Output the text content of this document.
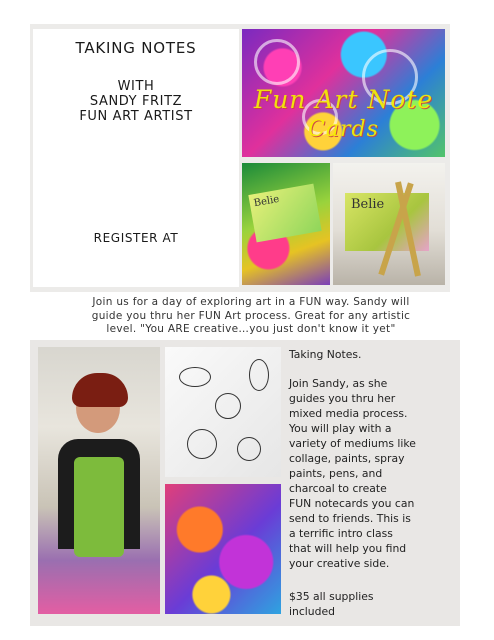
TAKING NOTES
WITH
SANDY FRITZ
FUN ART ARTIST
REGISTER AT
Fun Art Note
Cards
Belie	Belie
Join us for a day of exploring art in a FUN way. Sandy will
guide you thru her FUN Art process. Great for any artistic
level. "You ARE creative…you just don't know it yet"
Taking Notes.
Join Sandy, as she
guides you thru her
mixed media process.
You will play with a
variety of mediums like
collage, paints, spray
paints, pens, and
charcoal to create
FUN notecards you can
send to friends. This is
a terrific intro class
that will help you find
your creative side.
$35 all supplies
included
